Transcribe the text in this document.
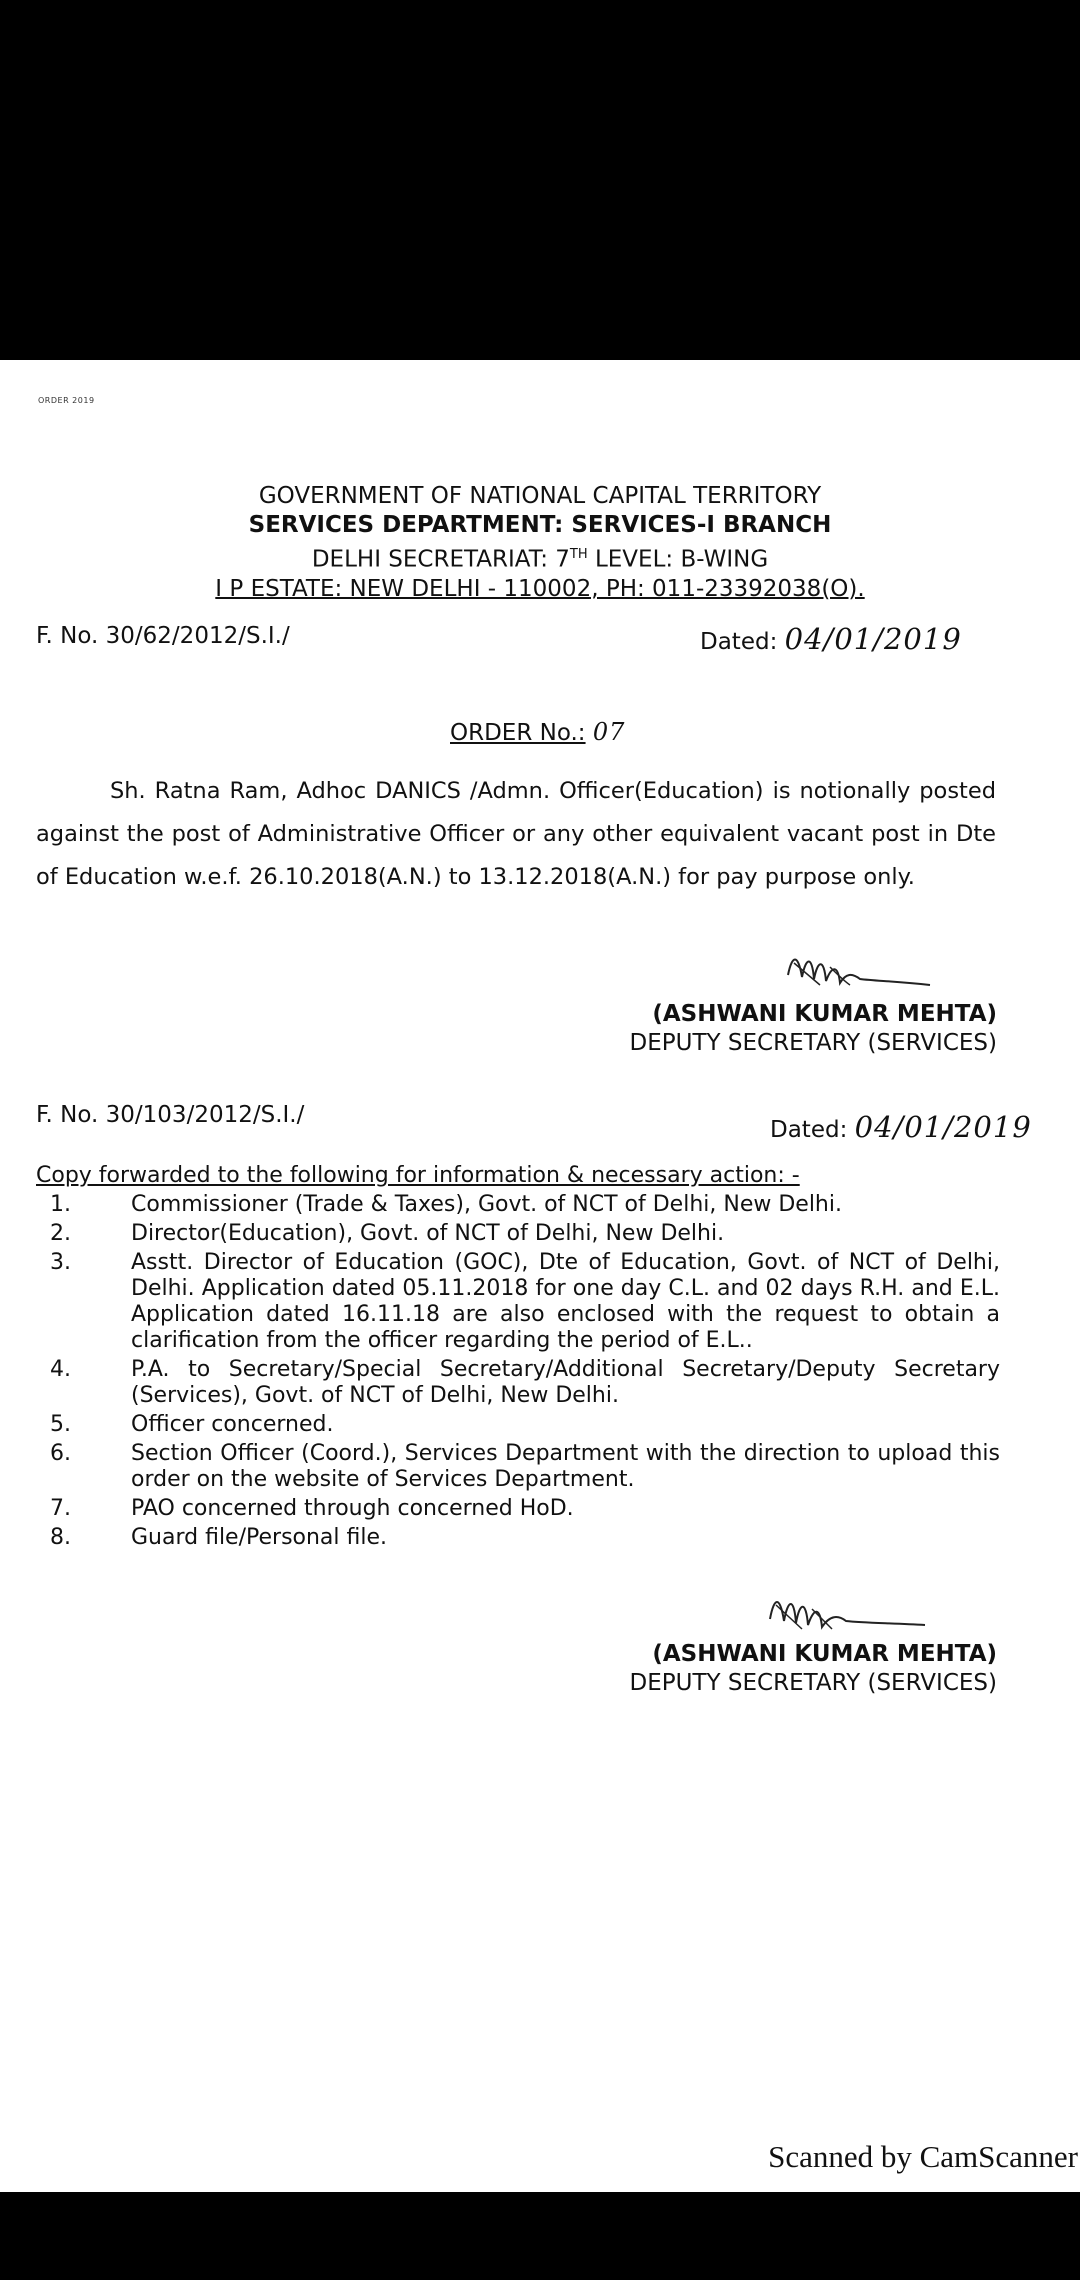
ORDER 2019
GOVERNMENT OF NATIONAL CAPITAL TERRITORY
SERVICES DEPARTMENT: SERVICES-I BRANCH
DELHI SECRETARIAT: 7TH LEVEL: B-WING
I P ESTATE: NEW DELHI - 110002, PH: 011-23392038(O).
F. No. 30/62/2012/S.I./	Dated: 04/01/2019
ORDER No.: 07
Sh. Ratna Ram, Adhoc DANICS /Admn. Officer(Education) is notionally posted against the post of Administrative Officer or any other equivalent vacant post in Dte of Education w.e.f. 26.10.2018(A.N.) to 13.12.2018(A.N.) for pay purpose only.
(ASHWANI KUMAR MEHTA)
DEPUTY SECRETARY (SERVICES)
F. No. 30/103/2012/S.I./
Dated: 04/01/2019
Copy forwarded to the following for information & necessary action: -
1.	Commissioner (Trade & Taxes), Govt. of NCT of Delhi, New Delhi.
2.	Director(Education), Govt. of NCT of Delhi, New Delhi.
3.	Asstt. Director of Education (GOC), Dte of Education, Govt. of NCT of Delhi, Delhi. Application dated 05.11.2018 for one day C.L. and 02 days R.H. and E.L. Application dated 16.11.18 are also enclosed with the request to obtain a clarification from the officer regarding the period of E.L..
4.	P.A. to Secretary/Special Secretary/Additional Secretary/Deputy Secretary (Services), Govt. of NCT of Delhi, New Delhi.
5.	Officer concerned.
6.	Section Officer (Coord.), Services Department with the direction to upload this order on the website of Services Department.
7.	PAO concerned through concerned HoD.
8.	Guard file/Personal file.
(ASHWANI KUMAR MEHTA)
DEPUTY SECRETARY (SERVICES)
Scanned by CamScanner
